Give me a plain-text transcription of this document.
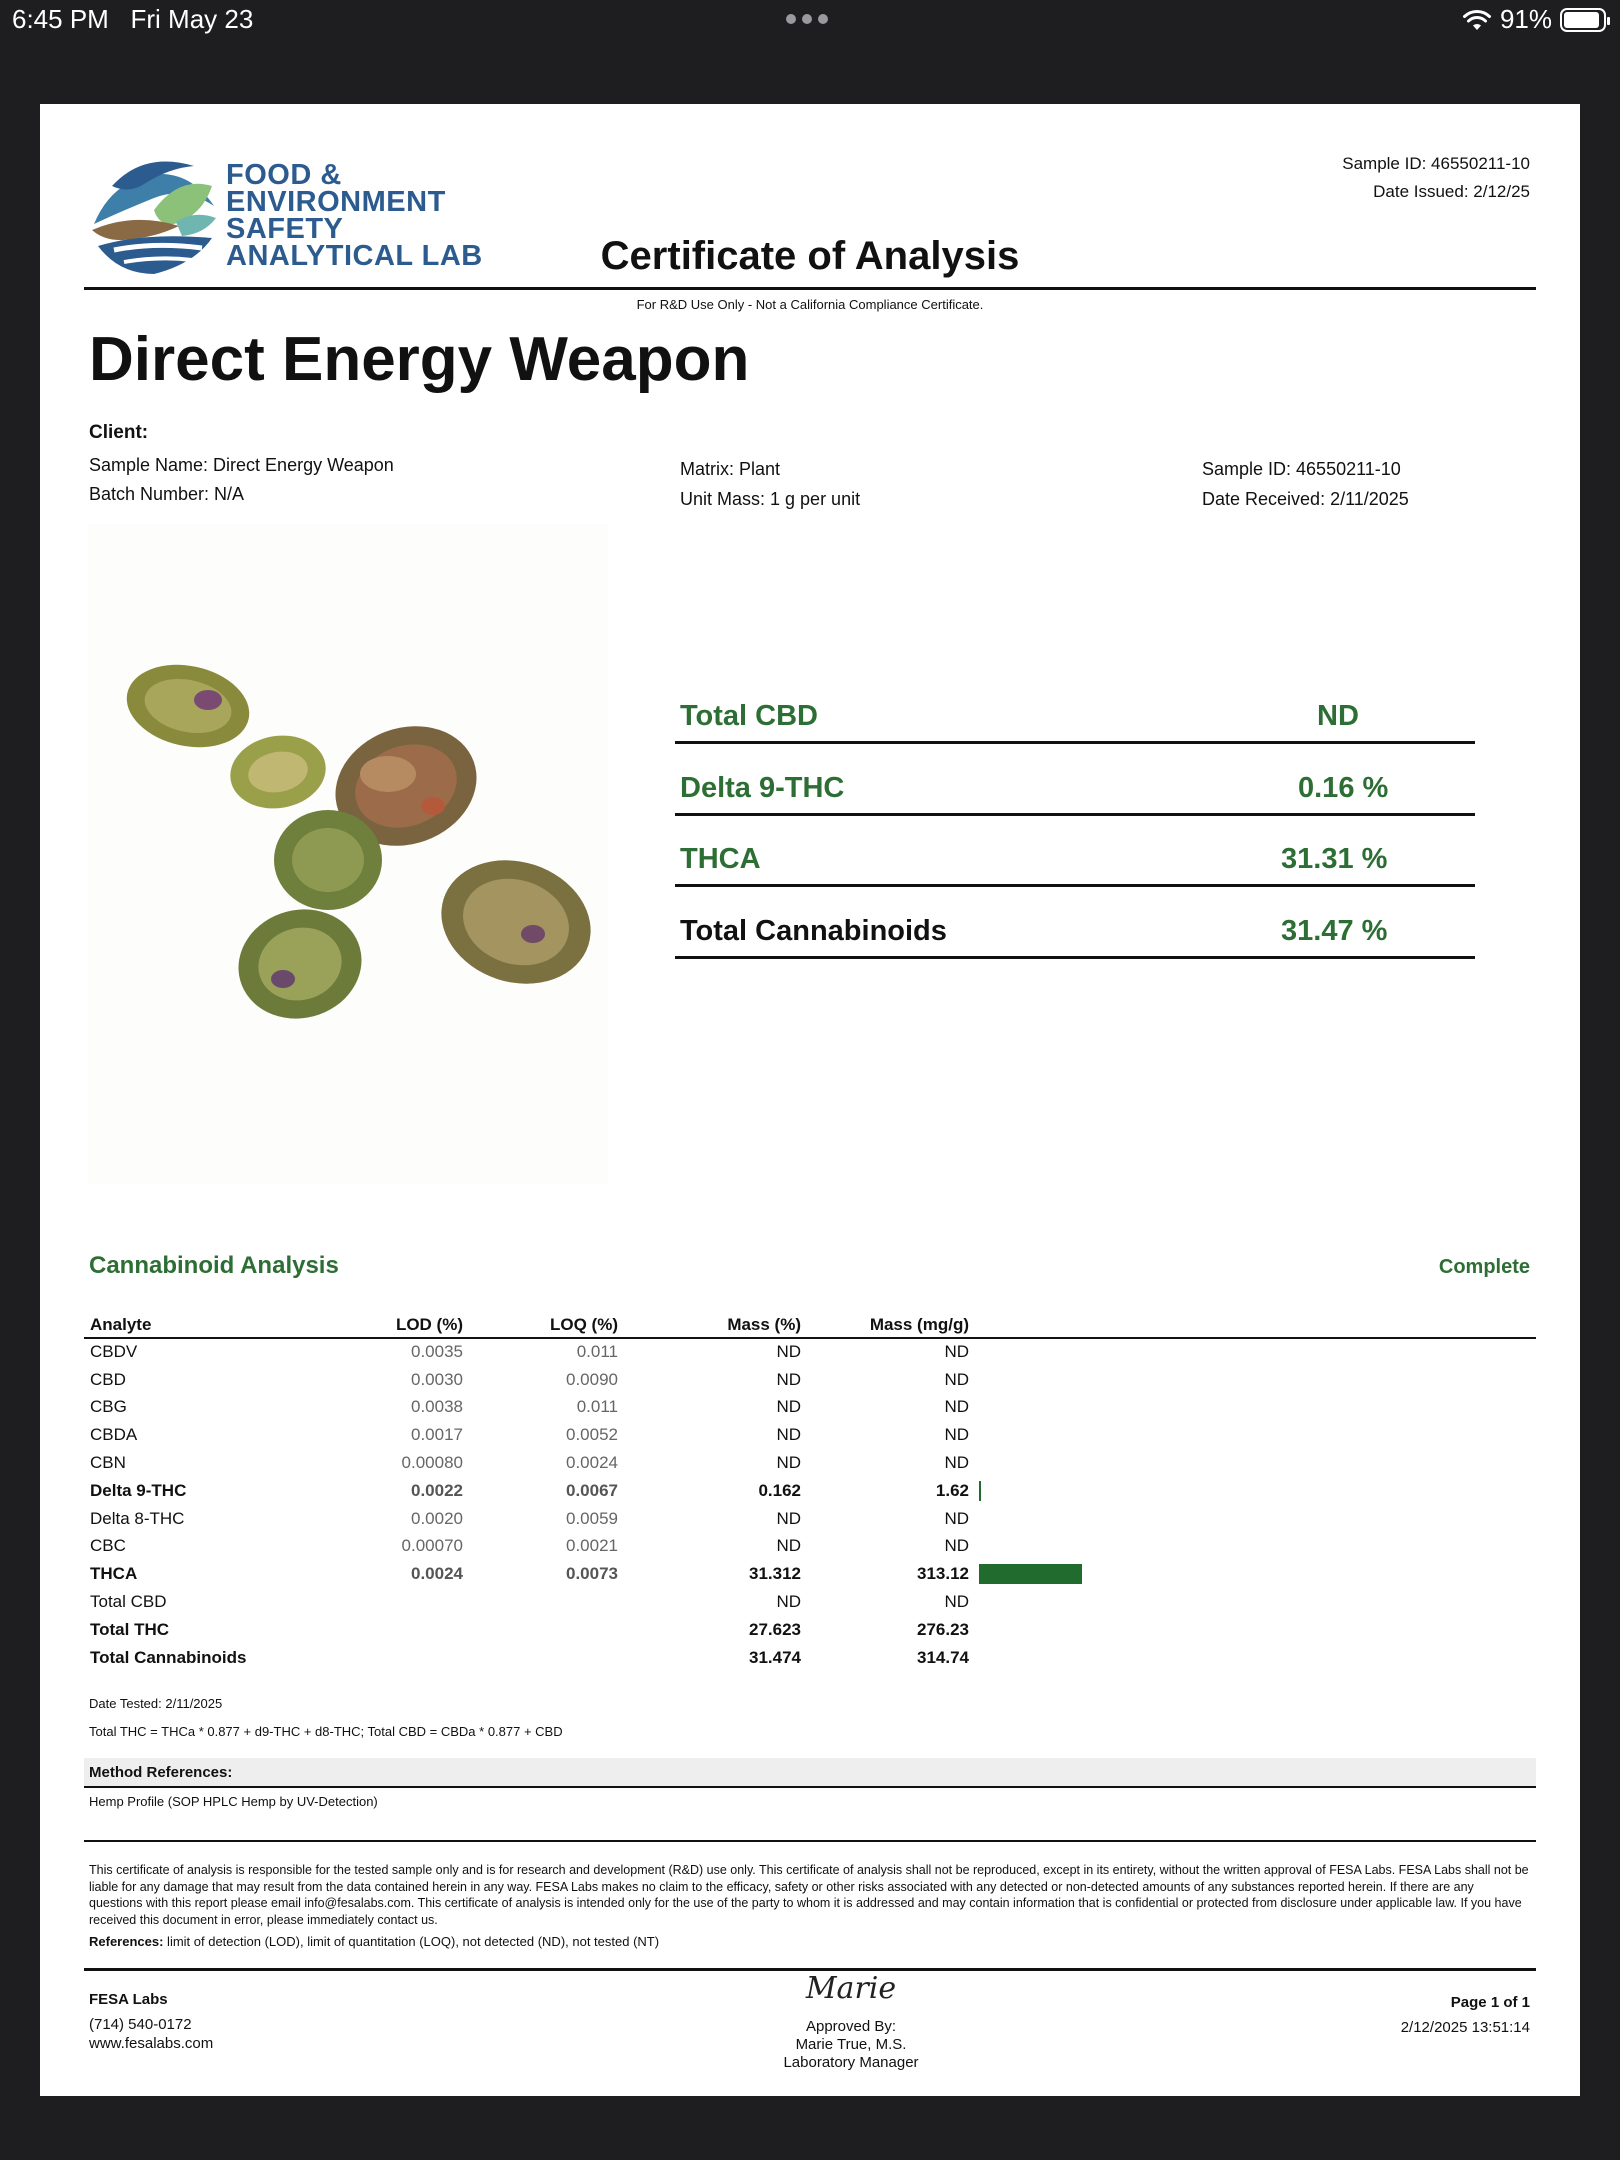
6:45 PM Fri May 23	91%
FOOD &
ENVIRONMENT
SAFETY
ANALYTICAL LAB
Sample ID: 46550211-10
Date Issued: 2/12/25
Certificate of Analysis
For R&D Use Only - Not a California Compliance Certificate.
Direct Energy Weapon
Client:
Sample Name: Direct Energy Weapon
Batch Number: N/A
Matrix: Plant
Unit Mass: 1 g per unit
Sample ID: 46550211-10
Date Received: 2/11/2025
Total CBD	ND
Delta 9-THC	0.16 %
THCA	31.31 %
Total Cannabinoids	31.47 %
Cannabinoid Analysis	Complete
Analyte	LOD (%)	LOQ (%)	Mass (%)	Mass (mg/g)	
CBDV	0.0035	0.011	ND	ND	
CBD	0.0030	0.0090	ND	ND	
CBG	0.0038	0.011	ND	ND	
CBDA	0.0017	0.0052	ND	ND	
CBN	0.00080	0.0024	ND	ND	
Delta 9-THC	0.0022	0.0067	0.162	1.62	

Delta 8-THC	0.0020	0.0059	ND	ND	
CBC	0.00070	0.0021	ND	ND	
THCA	0.0024	0.0073	31.312	313.12	

Total CBD			ND	ND	
Total THC			27.623	276.23	
Total Cannabinoids			31.474	314.74	
Date Tested: 2/11/2025
Total THC = THCa * 0.877 + d9-THC + d8-THC; Total CBD = CBDa * 0.877 + CBD
Method References:
Hemp Profile (SOP HPLC Hemp by UV-Detection)
This certificate of analysis is responsible for the tested sample only and is for research and development (R&D) use only. This certificate of analysis shall not be reproduced, except in its entirety, without the written approval of FESA Labs. FESA Labs shall not be liable for any damage that may result from the data contained herein in any way. FESA Labs makes no claim to the efficacy, safety or other risks associated with any detected or non-detected amounts of any substances reported herein. If there are any questions with this report please email info@fesalabs.com. This certificate of analysis is intended only for the use of the party to whom it is addressed and may contain information that is confidential or protected from disclosure under applicable law. If you have received this document in error, please immediately contact us.
References: limit of detection (LOD), limit of quantitation (LOQ), not detected (ND), not tested (NT)
FESA Labs
(714) 540-0172
www.fesalabs.com
Marie
Approved By:
Marie True, M.S.
Laboratory Manager
Page 1 of 1
2/12/2025 13:51:14
